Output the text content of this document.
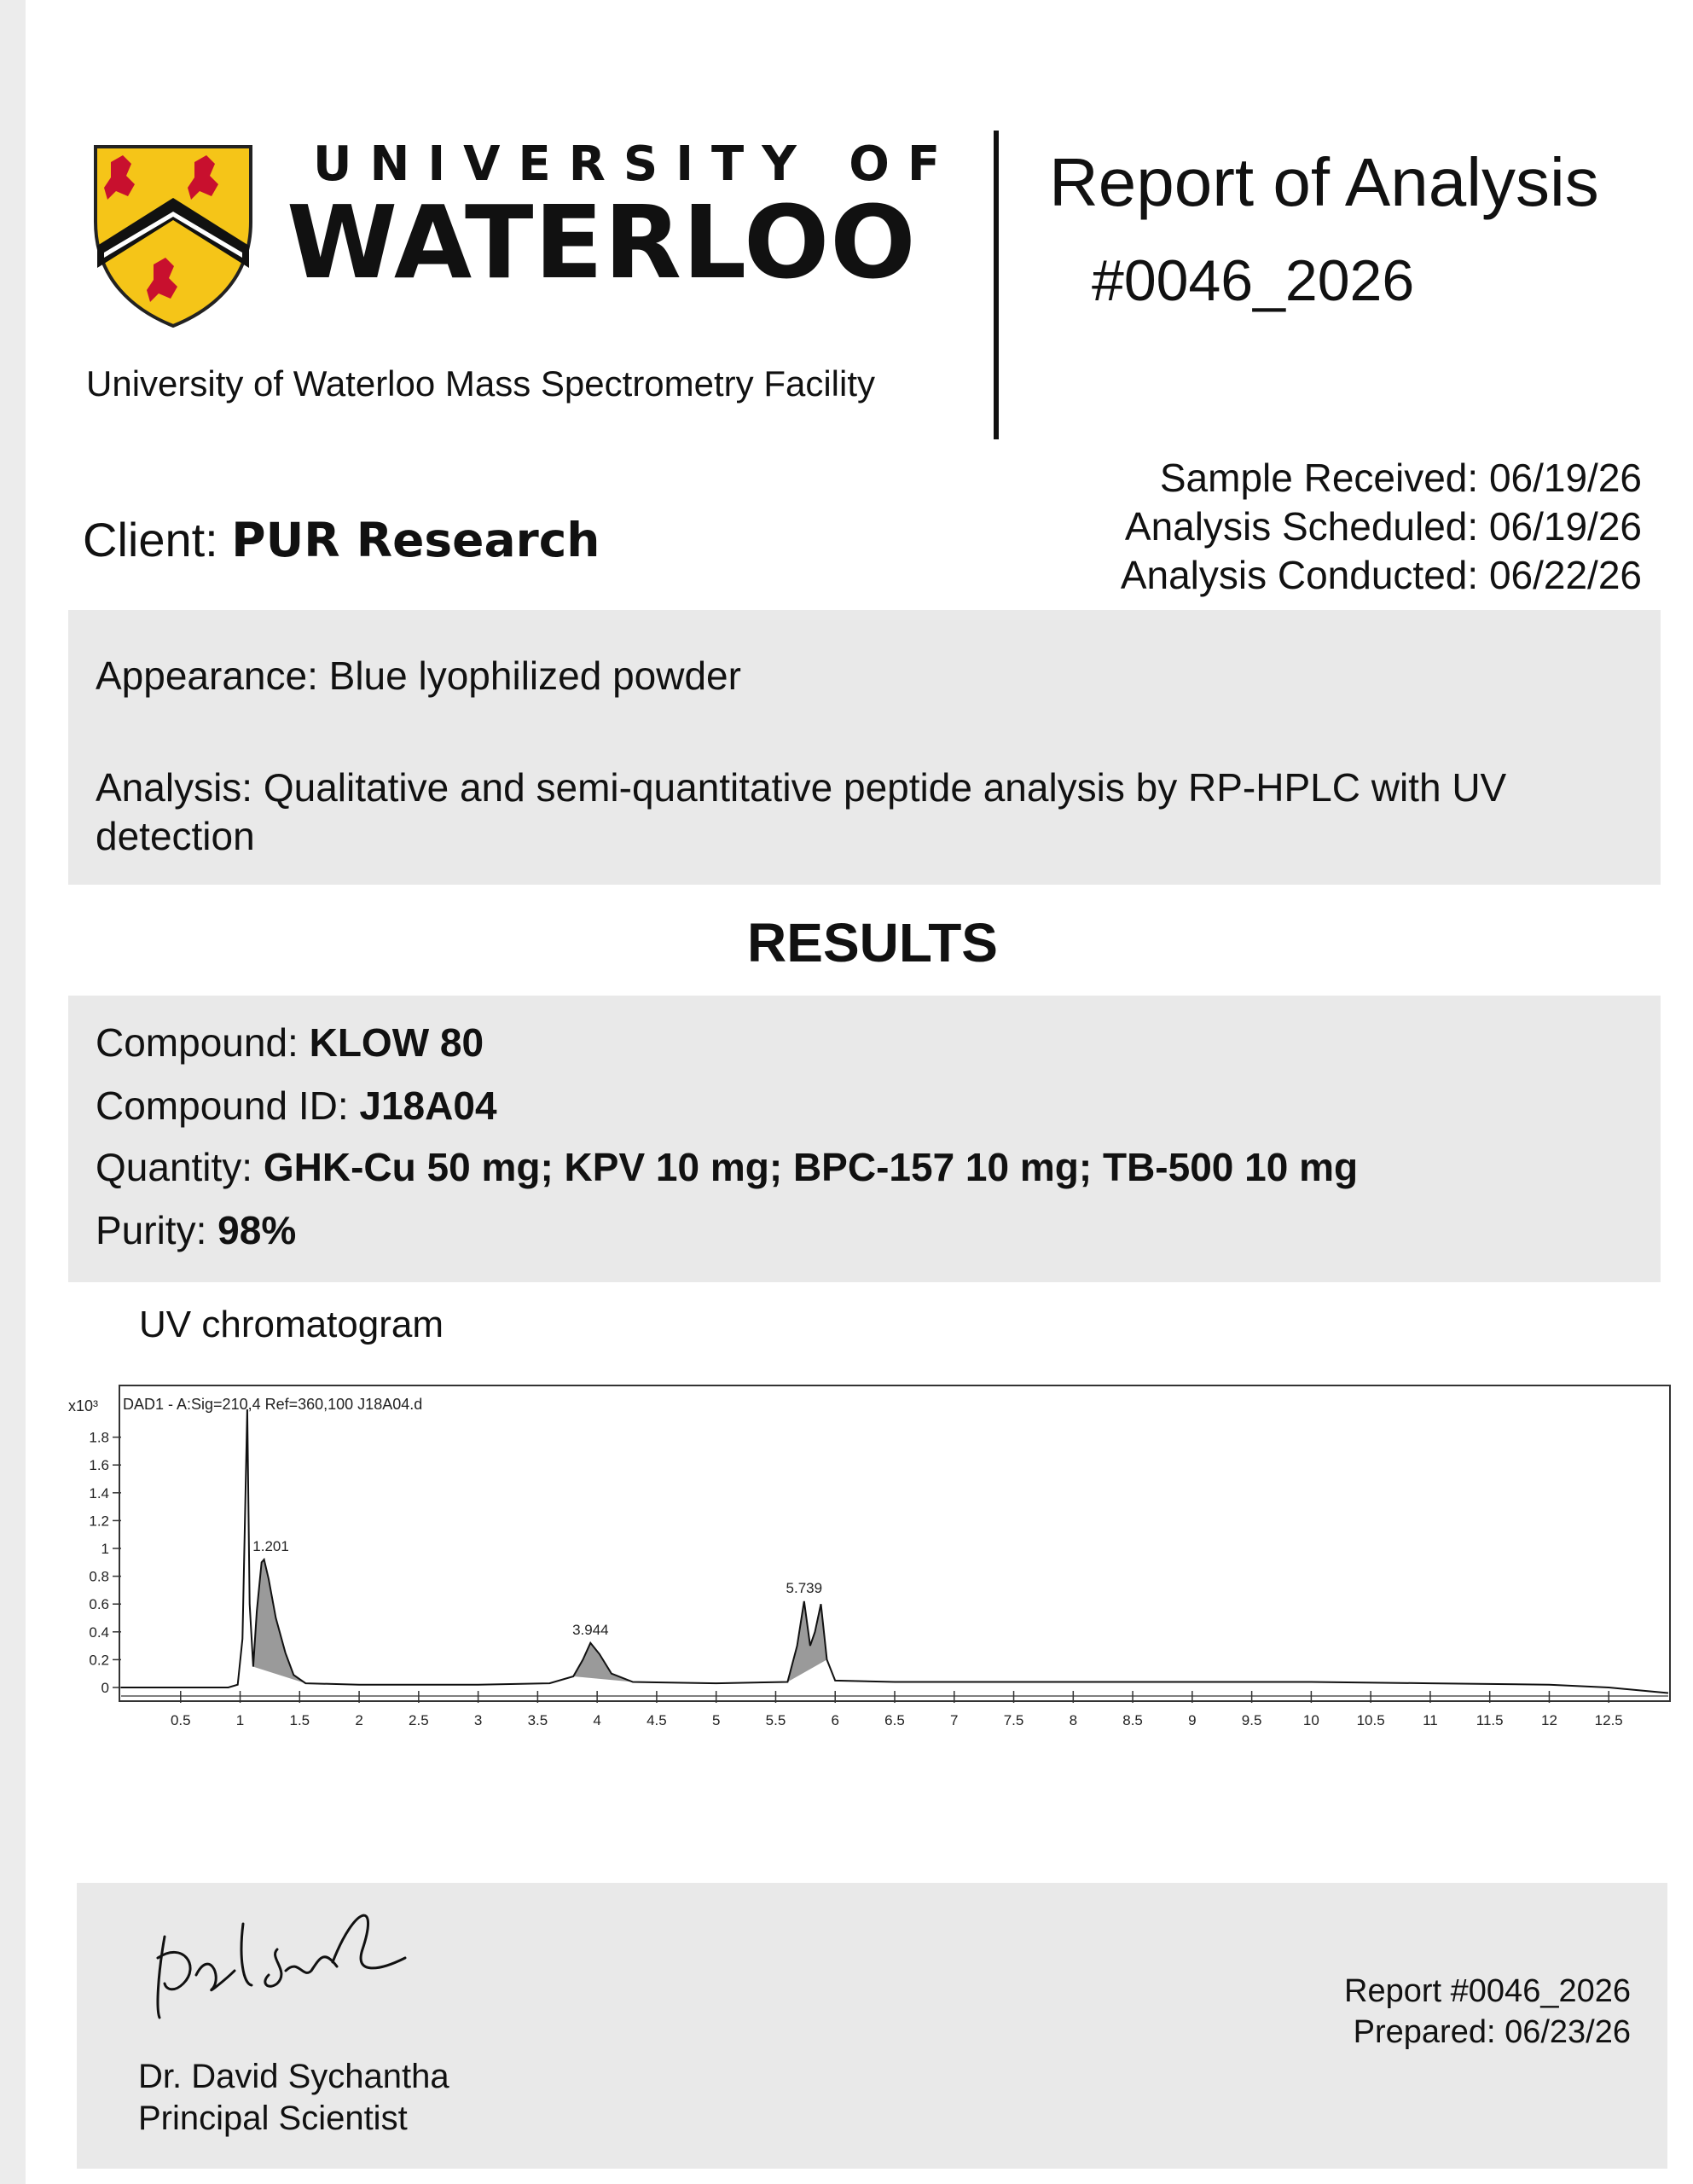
UNIVERSITY OF
WATERLOO
University of Waterloo Mass Spectrometry Facility
Report of Analysis
#0046_2026
Client: PUR Research
Sample Received: 06/19/26
Analysis Scheduled: 06/19/26
Analysis Conducted: 06/22/26
Appearance: Blue lyophilized powder
Analysis: Qualitative and semi-quantitative peptide analysis by RP-HPLC with UV detection
RESULTS
Compound: KLOW 80
Compound ID: J18A04
Quantity: GHK-Cu 50 mg; KPV 10 mg; BPC-157 10 mg; TB-500 10 mg
Purity: 98%
UV chromatogram
x10³ DAD1 - A:Sig=210,4 Ref=360,100 J18A04.d
0
0.2
0.4
0.6
0.8
1
1.2
1.4
1.6
1.8
0.5	1	1.5	2	2.5	3	3.5	4	4.5	5	5.5	6	6.5	7	7.5	8	8.5	9	9.5	10	10.5	11	11.5	12	12.5
1.201
3.944
5.739
Dr. David Sychantha
Principal Scientist
Report #0046_2026
Prepared: 06/23/26
